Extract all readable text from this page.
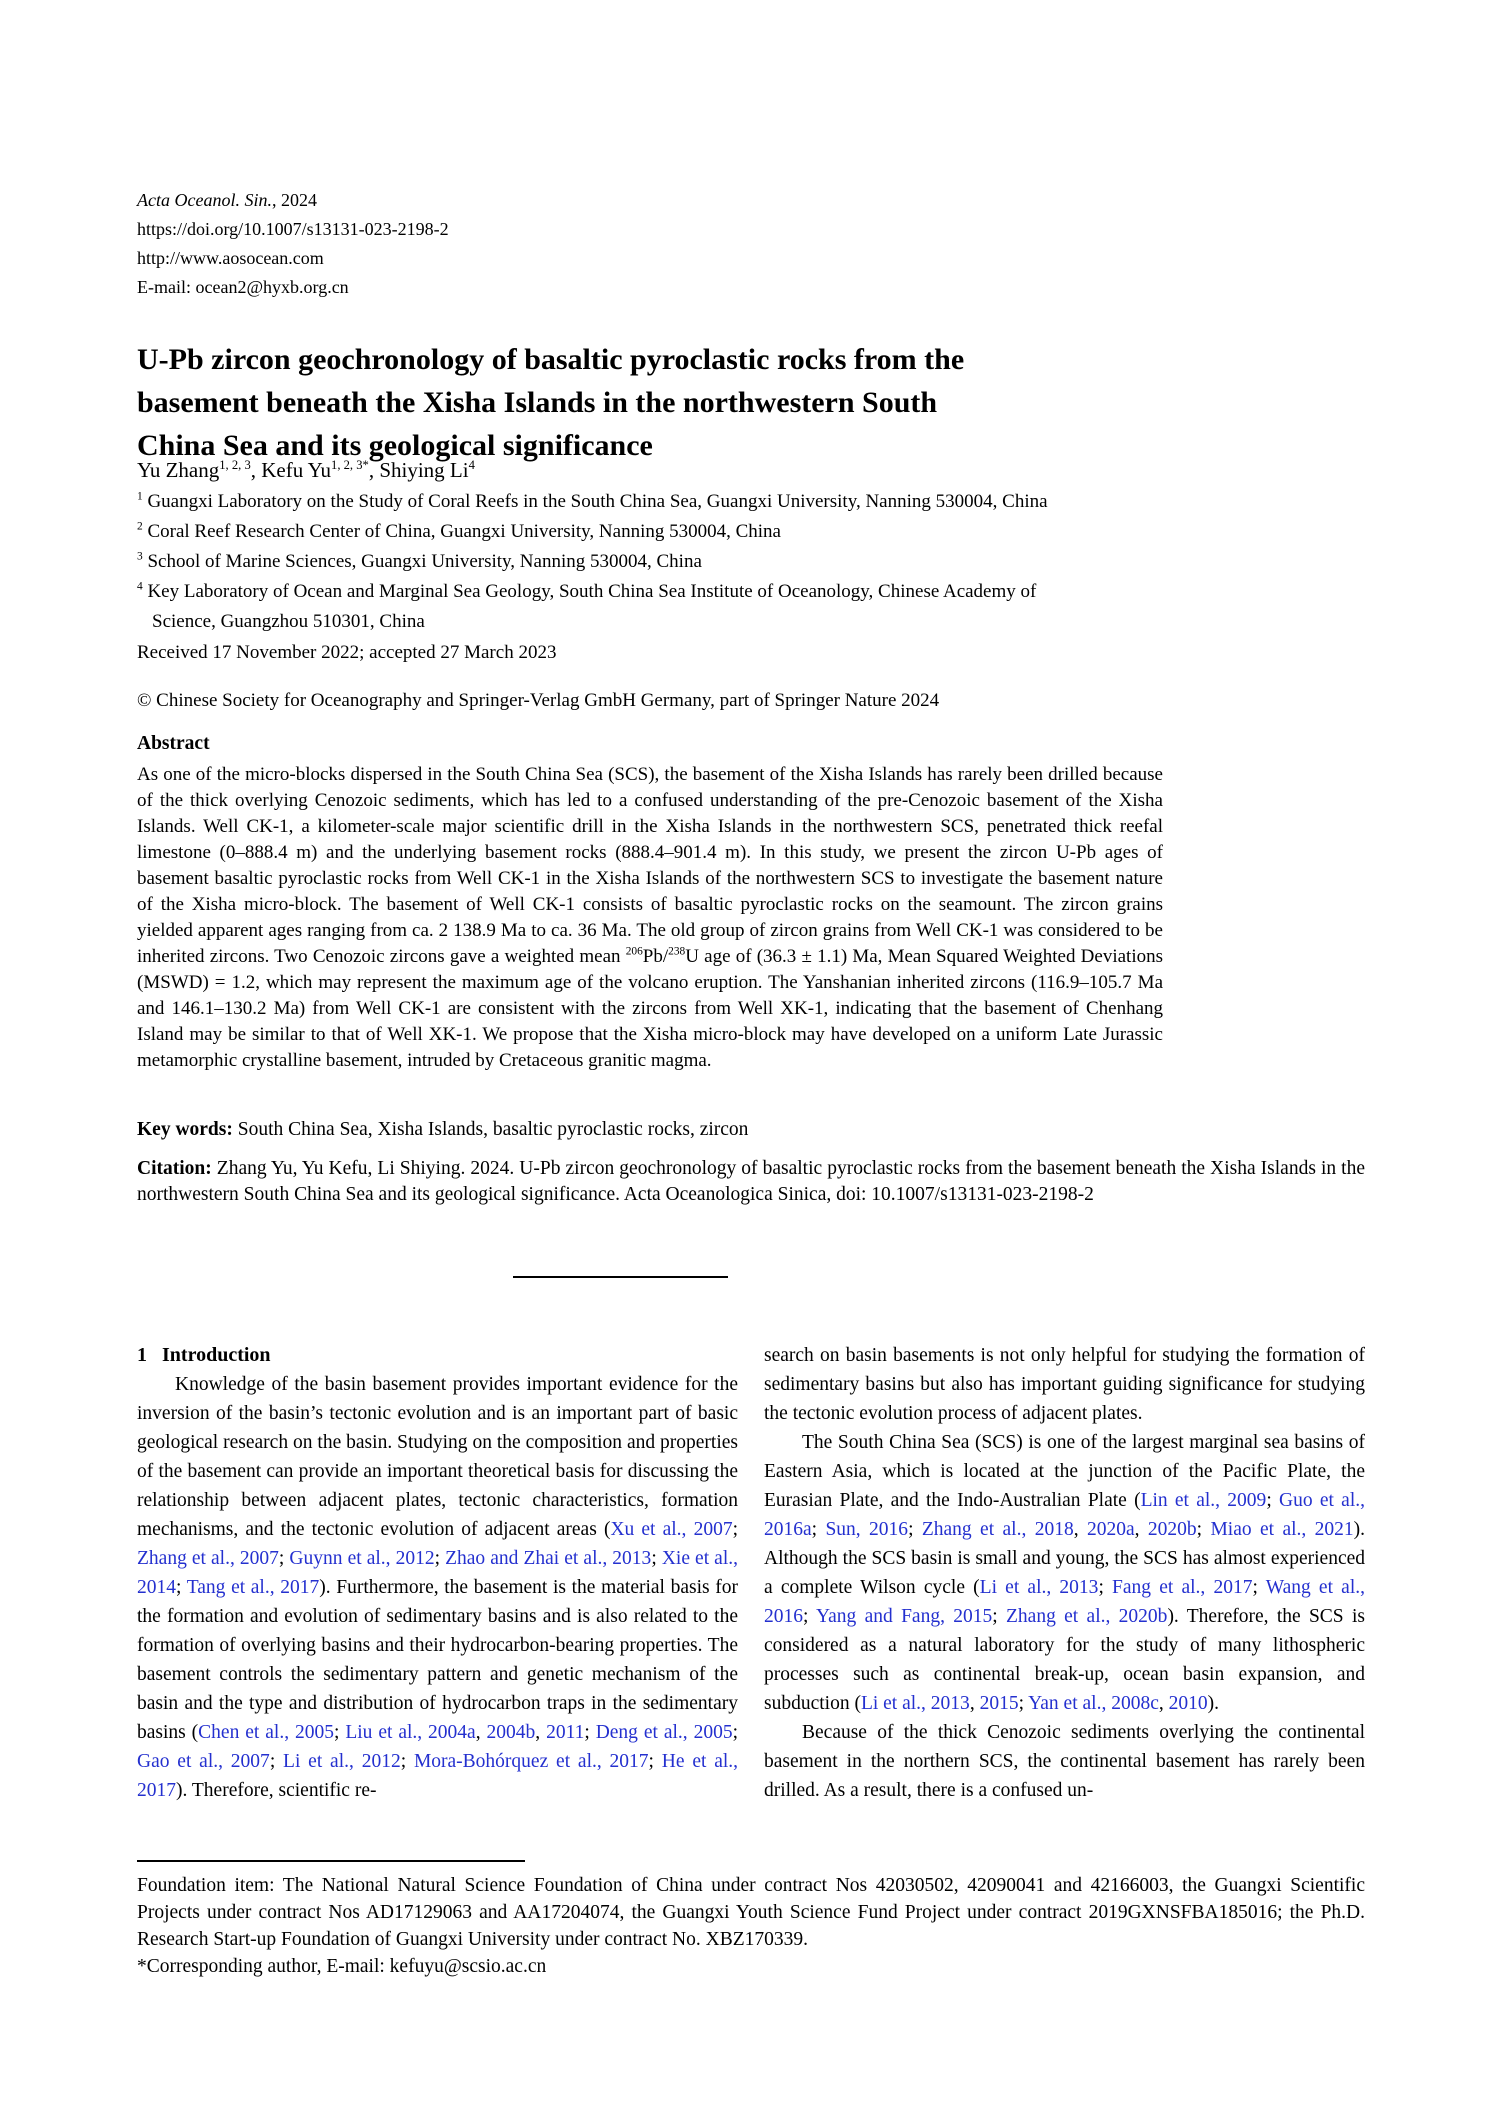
Acta Oceanol. Sin., 2024
https://doi.org/10.1007/s13131-023-2198-2
http://www.aosocean.com
E-mail: ocean2@hyxb.org.cn
U-Pb zircon geochronology of basaltic pyroclastic rocks from the
basement beneath the Xisha Islands in the northwestern South
China Sea and its geological significance
Yu Zhang$^{1, 2, 3}$, Kefu $Yu^{1, 2, 3*}$, Shiying Li$^4$
$^1$ Guangxi Laboratory on the Study of Coral Reefs in the South China Sea, Guangxi University, Nanning 530004, China
$^2$ Coral Reef Research Center of China, Guangxi University, Nanning 530004, China
$^3$ School of Marine Sciences, Guangxi University, Nanning 530004, China
$^4$ Key Laboratory of Ocean and Marginal Sea Geology, South China Sea Institute of Oceanology, Chinese Academy of
Science, Guangzhou 510301, China
Received 17 November 2022; accepted 27 March 2023
© Chinese Society for Oceanography and Springer-Verlag GmbH Germany, part of Springer Nature 2024
Abstract
As one of the micro-blocks dispersed in the South China Sea (SCS), the basement of the Xisha Islands has rarely been drilled because of the thick overlying Cenozoic sediments, which has led to a confused understanding of the pre-Cenozoic basement of the Xisha Islands. Well CK-1, a kilometer-scale major scientific drill in the Xisha Islands in the northwestern SCS, penetrated thick reefal limestone (0–888.4 m) and the underlying basement rocks (888.4–901.4 m). In this study, we present the zircon U-Pb ages of basement basaltic pyroclastic rocks from Well CK-1 in the Xisha Islands of the northwestern SCS to investigate the basement nature of the Xisha micro-block. The basement of Well CK-1 consists of basaltic pyroclastic rocks on the seamount. The zircon grains yielded apparent ages ranging from ca. 2 138.9 Ma to ca. 36 Ma. The old group of zircon grains from Well CK-1 was considered to be inherited zircons. Two Cenozoic zircons gave a weighted mean $^{206}$Pb/$^{238}$U age of (36.3 ± 1.1) Ma, Mean Squared Weighted Deviations (MSWD) = 1.2, which may represent the maximum age of the volcano eruption. The Yanshanian inherited zircons (116.9–105.7 Ma and 146.1–130.2 Ma) from Well CK-1 are consistent with the zircons from Well XK-1, indicating that the basement of Chenhang Island may be similar to that of Well XK-1. We propose that the Xisha micro-block may have developed on a uniform Late Jurassic metamorphic crystalline basement, intruded by Cretaceous granitic magma.
Key words: South China Sea, Xisha Islands, basaltic pyroclastic rocks, zircon
Citation: Zhang Yu, Yu Kefu, Li Shiying. 2024. U-Pb zircon geochronology of basaltic pyroclastic rocks from the basement beneath the Xisha Islands in the northwestern South China Sea and its geological significance. Acta Oceanologica Sinica, doi: 10.1007/s13131-023-2198-2
1 Introduction

Knowledge of the basin basement provides important evidence for the inversion of the basin’s tectonic evolution and is an important part of basic geological research on the basin. Studying on the composition and properties of the basement can provide an important theoretical basis for discussing the relationship between adjacent plates, tectonic characteristics, formation mechanisms, and the tectonic evolution of adjacent areas (Xu et al., 2007; Zhang et al., 2007; Guynn et al., 2012; Zhao and Zhai et al., 2013; Xie et al., 2014; Tang et al., 2017). Furthermore, the basement is the material basis for the formation and evolution of sedimentary basins and is also related to the formation of overlying basins and their hydrocarbon-bearing properties. The basement controls the sedimentary pattern and genetic mechanism of the basin and the type and distribution of hydrocarbon traps in the sedimentary basins (Chen et al., 2005; Liu et al., 2004a, 2004b, 2011; Deng et al., 2005; Gao et al., 2007; Li et al., 2012; Mora-Bohórquez et al., 2017; He et al., 2017). Therefore, scientific re-

search on basin basements is not only helpful for studying the formation of sedimentary basins but also has important guiding significance for studying the tectonic evolution process of adjacent plates.

The South China Sea (SCS) is one of the largest marginal sea basins of Eastern Asia, which is located at the junction of the Pacific Plate, the Eurasian Plate, and the Indo-Australian Plate (Lin et al., 2009; Guo et al., 2016a; Sun, 2016; Zhang et al., 2018, 2020a, 2020b; Miao et al., 2021). Although the SCS basin is small and young, the SCS has almost experienced a complete Wilson cycle (Li et al., 2013; Fang et al., 2017; Wang et al., 2016; Yang and Fang, 2015; Zhang et al., 2020b). Therefore, the SCS is considered as a natural laboratory for the study of many lithospheric processes such as continental break-up, ocean basin expansion, and subduction (Li et al., 2013, 2015; Yan et al., 2008c, 2010).

Because of the thick Cenozoic sediments overlying the continental basement in the northern SCS, the continental basement has rarely been drilled. As a result, there is a confused un-

Foundation item: The National Natural Science Foundation of China under contract Nos 42030502, 42090041 and 42166003, the Guangxi Scientific Projects under contract Nos AD17129063 and AA17204074, the Guangxi Youth Science Fund Project under contract 2019GXNSFBA185016; the Ph.D. Research Start-up Foundation of Guangxi University under contract No. XBZ170339.
*Corresponding author, E-mail: kefuyu@scsio.ac.cn
